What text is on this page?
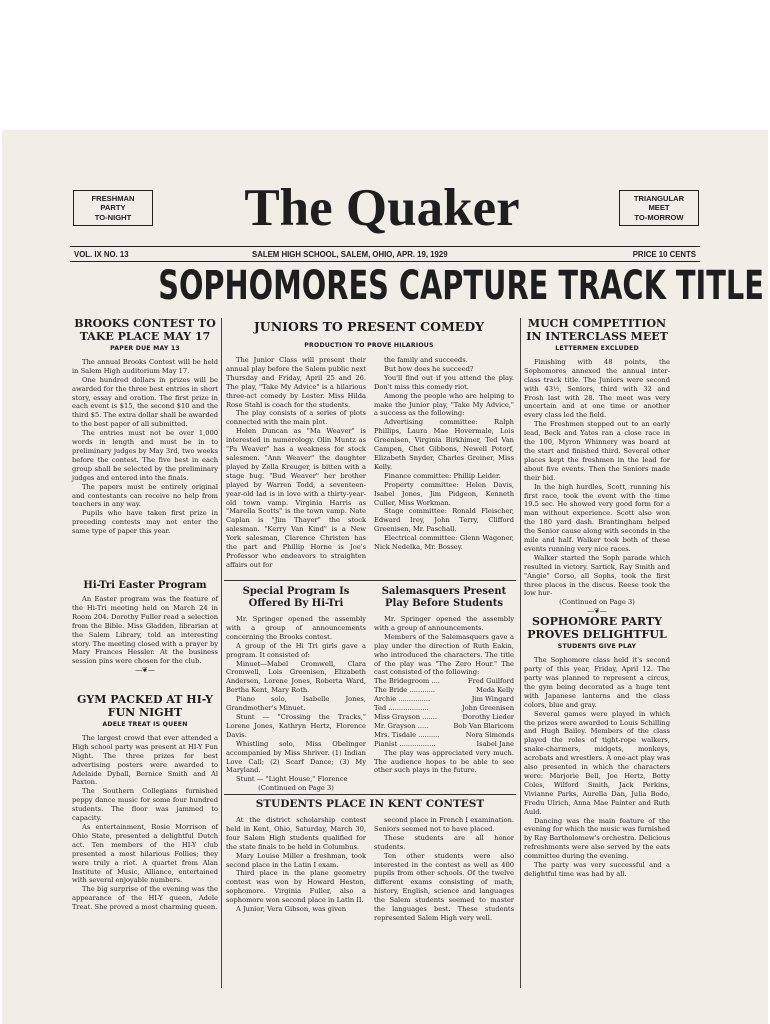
FRESHMAN
PARTY
TO-NIGHT	The Quaker	TRIANGULAR
MEET
TO-MORROW
VOL. IX NO. 13	SALEM HIGH SCHOOL, SALEM, OHIO, APR. 19, 1929	PRICE 10 CENTS
SOPHOMORES CAPTURE TRACK TITLE
BROOKS CONTEST TO TAKE PLACE MAY 17
PAPER DUE MAY 13

The annual Brooks Contest will be held in Salem High auditorium May 17.

One hundred dollars in prizes will be awarded for the three best entries in short story, essay and oration. The first prize in each event is $15, the second $10 and the third $5. The extra dollar shall be awarded to the best paper of all submitted.

The entries must not be over 1,000 words in length and must be in to preliminary judges by May 3rd, two weeks before the contest. The five best in each group shall be selected by the preliminary judges and entered into the finals.

The papers must be entirely original and contestants can receive no help from teachers in any way.

Pupils who have taken first prize in preceding contests may not enter the same type of paper this year.

Hi-Tri Easter Program

An Easter program was the feature of the Hi-Tri meeting held on March 24 in Room 204. Dorothy Fuller read a selection from the Bible. Miss Gladden, librarian at the Salem Library, told an interesting story. The meeting closed with a prayer by Mary Frances Hessler. At the business session pins were chosen for the club.

—❦—
GYM PACKED AT HI-Y FUN NIGHT
ADELE TREAT IS QUEEN

The largest crowd that ever attended a High school party was present at HI-Y Fun Night. The three prizes for best advertising posters were awarded to Adelaide Dyball, Bernice Smith and Al Paxton.

The Southern Collegians furnished peppy dance music for some four hundred students. The floor was jammed to capacity.

As entertainment, Rosie Morrison of Ohio State, presented a delightful Dutch act. Ten members of the HI-Y club presented a most hilarious Follies; they were truly a riot. A quartet from Alan Institute of Music, Alliance, entertained with several enjoyable numbers.

The big surprise of the evening was the appearance of the HI-Y queen, Adele Treat. She proved a most charming queen.

JUNIORS TO PRESENT COMEDY
PRODUCTION TO PROVE HILARIOUS

The Junior Class will present their annual play before the Salem public next Thursday and Friday, April 25 and 26. The play, "Take My Advice" is a hilarious three-act comedy by Lester. Miss Hilda Rose Stahl is coach for the students.

The play consists of a series of plots connected with the main plot.

Helen Duncan as "Ma Weaver" is interested in numerology. Olin Muntz as "Pa Weaver" has a weakness for stock salesmen. "Ann Weaver" the daughter played by Zella Kreuger, is bitten with a stage bug. "Bud Weaver" her brother played by Warren Todd, a seventeen-year-old lad is in love with a thirty-year-old town vamp. Virginia Harris as "Marella Scotts" is the town vamp. Nate Caplan is "Jim Thayer" the stock salesman. "Kerry Van Kind" is a New York salesman, Clarence Christen has the part and Phillip Horne is Joe's Professor who endeavors to straighten affairs out for

the family and succeeds.

But how does he succeed?

You'll find out if you attend the play. Don't miss this comedy riot.

Among the people who are helping to make the Junior play, "Take My Advice," a success as the following:

Advertising committee: Ralph Phillips, Laura Mae Hovermale, Lois Greenisen, Virginia Birkhimer, Ted Van Campen, Chet Gibbons, Newell Potorf, Elizabeth Snyder, Charles Greiner, Miss Kelly.

Finance committee: Phillip Leider.

Property committee: Helen Davis, Isabel Jones, Jim Pidgeon, Kenneth Culler, Miss Workman.

Stage committee: Ronald Fleischer, Edward Irey, John Terry, Clifford Greenisen, Mr. Paschall.

Electrical committee: Glenn Wagoner, Nick Nedelka, Mr. Bossey.

Special Program Is Offered By Hi-Tri

Mr. Springer opened the assembly with a group of announcements concerning the Brooks contest.

A group of the Hi Tri girls gave a program. It consisted of:

Minuet—Mabel Cromwell, Clara Cromwell, Lois Greenisen, Elizabeth Andersen, Lorene Jones, Roberta Ward, Bertha Kent, Mary Roth.

Piano solo, Isabelle Jones, Grandmother's Minuet.

Stunt — "Crossing the Tracks," Lorene Jones, Kathryn Hertz, Florence Davis.

Whistling solo, Miss Obelinger accompanied by Miss Shriver. (1) Indian Love Call; (2) Scarf Dance; (3) My Maryland.

Stunt — "Light House," Florence

(Continued on Page 3)
Salemasquers Present Play Before Students

Mr. Springer opened the assembly with a group of announcements.

Members of the Salemasquers gave a play under the direction of Ruth Eakin, who introduced the characters. The title of the play was "The Zero Hour." The cast consisted of the following:

The Bridegroom ....	Fred Guilford
The Bride ............	Meda Kelly
Archie ...............	Jim Wingard
Ted ...................	John Greenisen
Miss Grayson .......	Dorothy Lieder
Mr. Grayson .....	Bob Van Blaricom
Mrs. Tisdale ..........	Nora Simonds
Pianist .................	Isabel Jane

The play was appreciated very much. The audience hopes to be able to see other such plays in the future.

STUDENTS PLACE IN KENT CONTEST

At the district scholarship contest held in Kent, Ohio, Saturday, March 30, four Salem High students qualified for the state finals to be held in Columbus.

Mary Louise Miller a freshman, took second place in the Latin I exam.

Third place in the plane geometry contest was won by Howard Heston, sophomore. Virginia Fuller, also a sophomore won second place in Latin II.

A Junior, Vera Gibson, was given

second place in French I examination. Seniors seemed not to have placed.

These students are all honor students.

Ten other students were also interested in the contest as well as 400 pupils from other schools. Of the twelve different exams consisting of math, history, English, science and languages the Salem students seemed to master the languages best. These students represented Salem High very well.

MUCH COMPETITION IN INTERCLASS MEET
LETTERMEN EXCLUDED

Finishing with 48 points, the Sophomores annexed the annual inter-class track title. The Juniors were second with 43½, Seniors, third with 32 and Frosh last with 28. The meet was very uncertain and at one time or another every class led the field.

The Freshmen stepped out to an early lead, Beck and Yates ran a close race in the 100, Myron Whinnery was board at the start and finished third. Several other places kept the freshmen in the lead for about five events. Then the Seniors made their bid.

In the high hurdles, Scott, running his first race, took the event with the time 19.5 sec. He showed very good form for a man without experience. Scott also won the 180 yard dash. Brantingham helped the Senior cause along with seconds in the mile and half. Walker took both of these events running very nice races.

Walker started the Soph parade which resulted in victory. Sartick, Ray Smith and "Angie" Corso, all Sophs, took the first three places in the discus. Reese took the low hur-

(Continued on Page 3)
—❦—
SOPHOMORE PARTY PROVES DELIGHTFUL
STUDENTS GIVE PLAY

The Sophomore class held it's second party of this year, Friday, April 12. The party was planned to represent a circus, the gym being decorated as a huge tent with Japanese lanterns and the class colors, blue and gray.

Several games were played in which the prizes were awarded to Louis Schilling and Hugh Bailey. Members of the class played the roles of tight-rope walkers, snake-charmers, midgets, monkeys, acrobats and wrestlers. A one-act play was also presented in which the characters were: Marjorie Bell, Joe Hertz, Betty Coles, Wilford Smith, Jack Perkins, Vivianne Parks, Aurella Dan, Julia Bodo, Fredu Ulrich, Anna Mae Painter and Ruth Auld.

Dancing was the main feature of the evening for which the music was furnished by Ray Bartholomew's orchestra. Delicious refreshments were also served by the eats committee during the evening.

The party was very successful and a delightful time was had by all.
